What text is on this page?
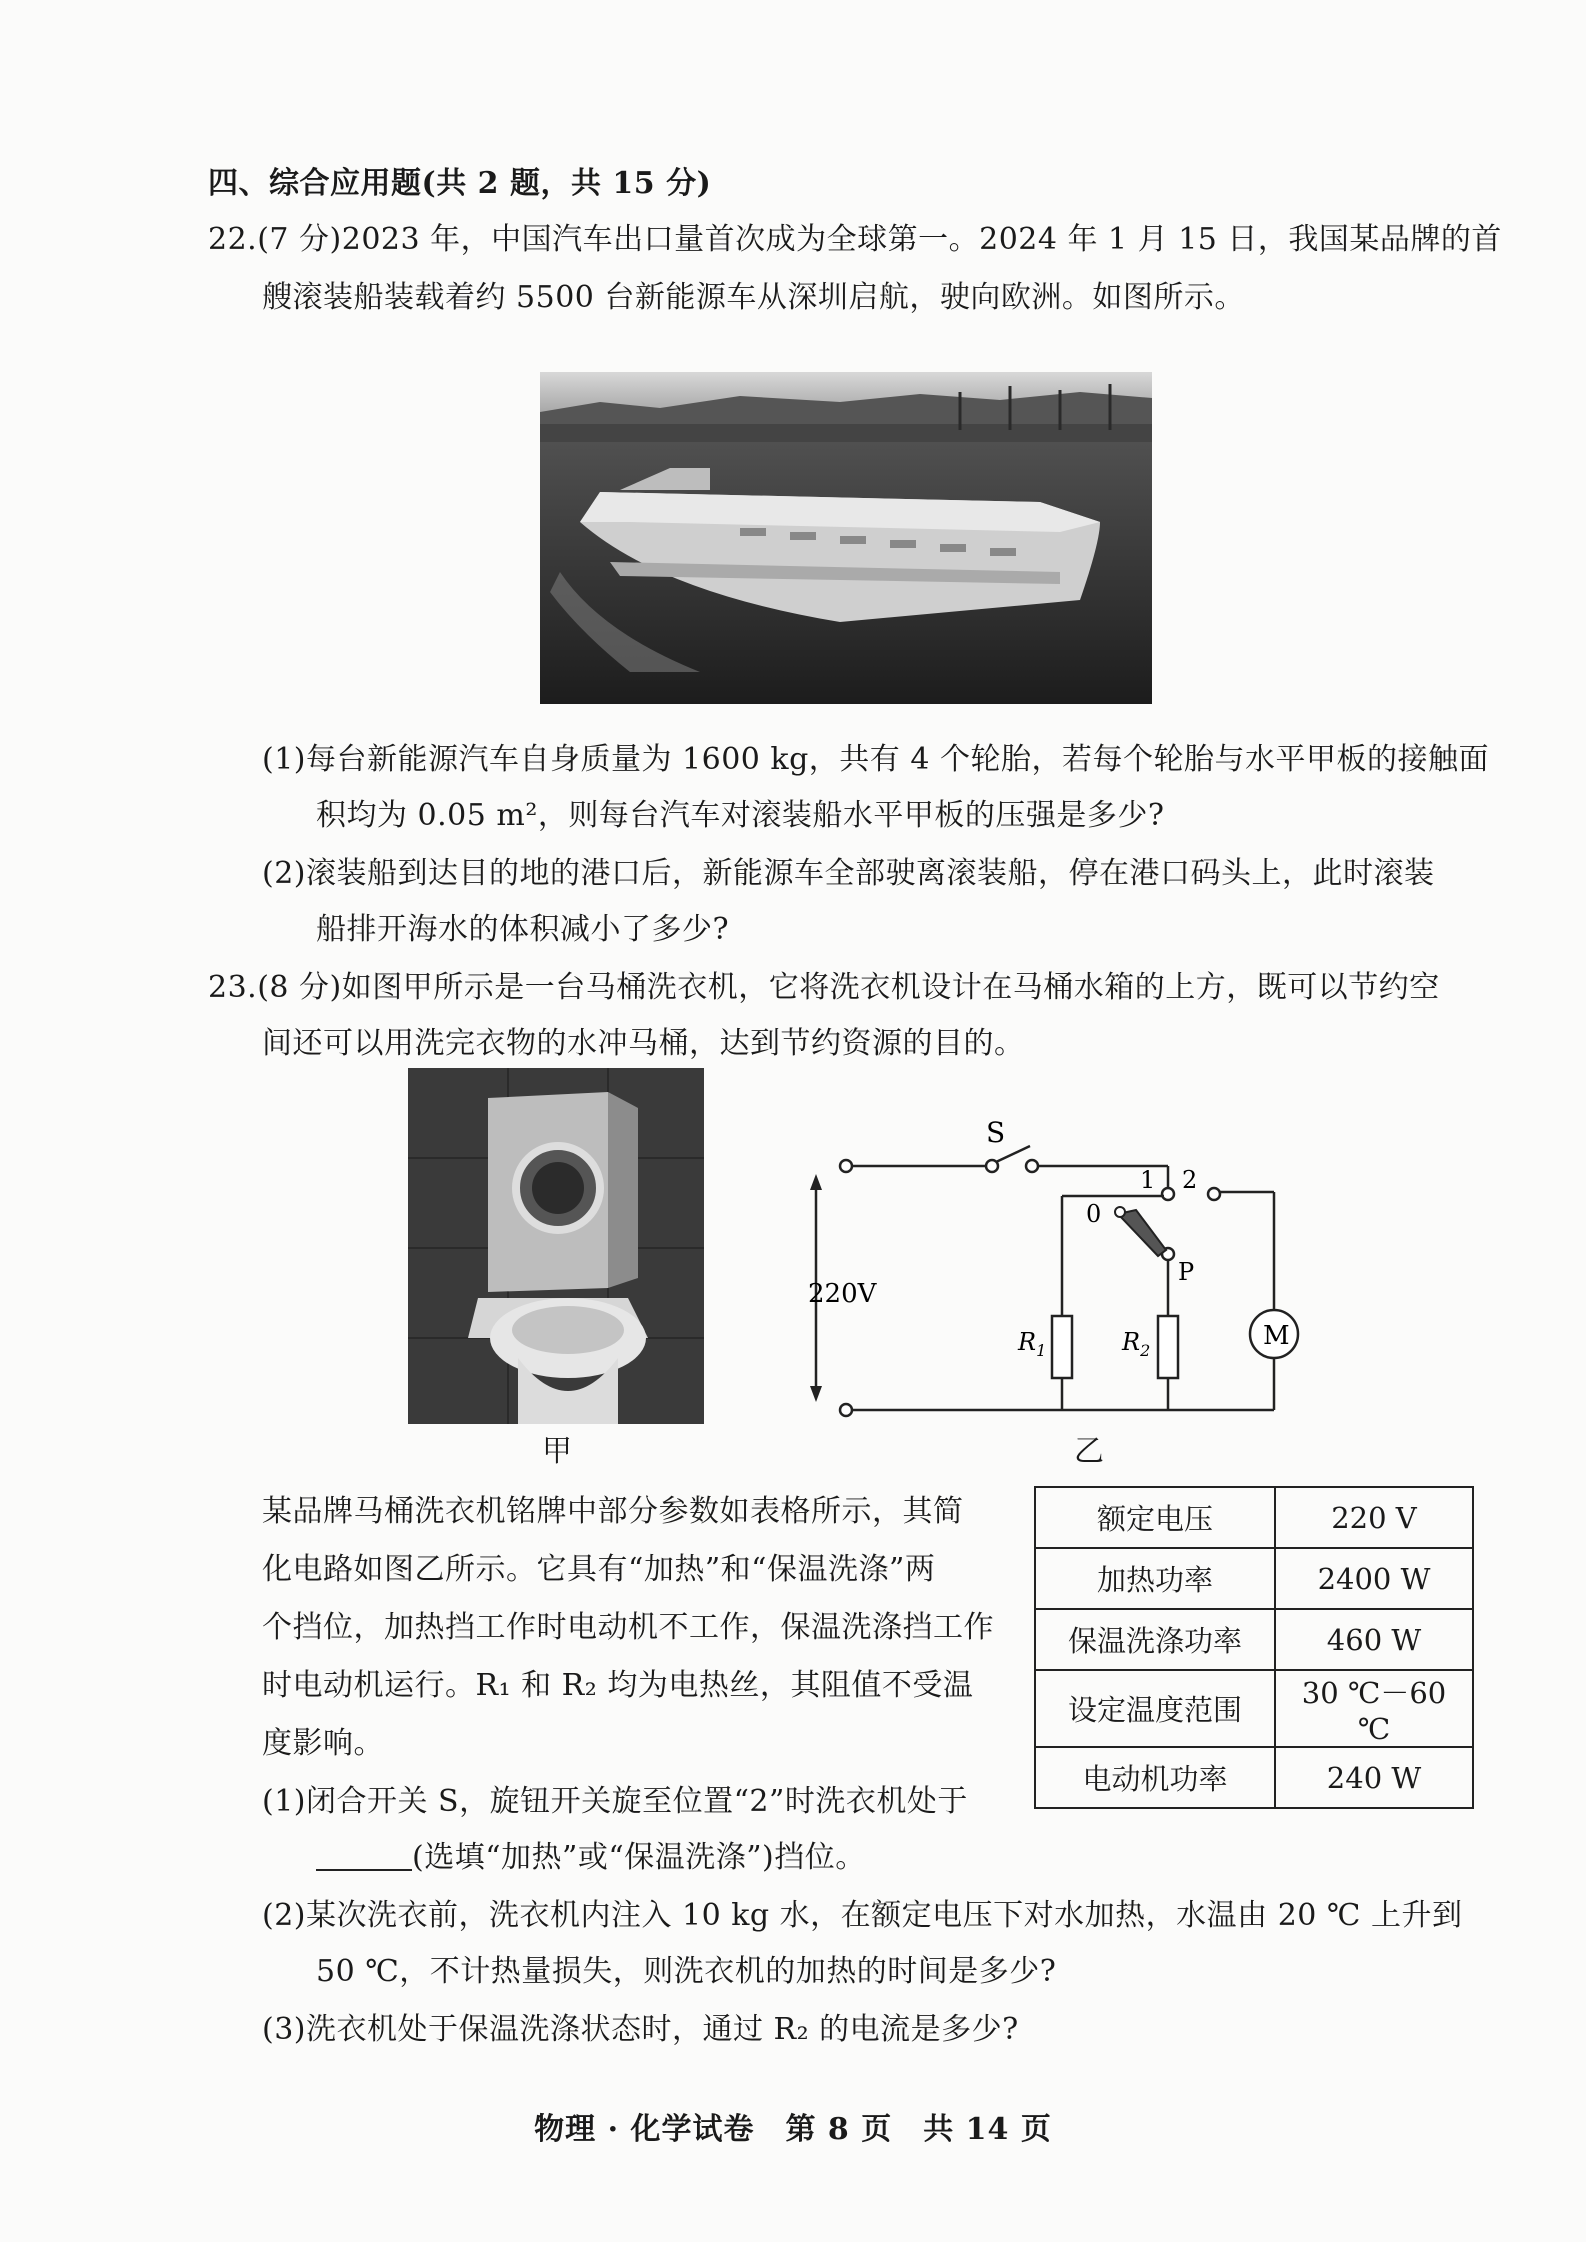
四、综合应用题(共 2 题，共 15 分)
22.(7 分)2023 年，中国汽车出口量首次成为全球第一。2024 年 1 月 15 日，我国某品牌的首
艘滚装船装载着约 5500 台新能源车从深圳启航，驶向欧洲。如图所示。
(1)每台新能源汽车自身质量为 1600 kg，共有 4 个轮胎，若每个轮胎与水平甲板的接触面
积均为 0.05 m²，则每台汽车对滚装船水平甲板的压强是多少?
(2)滚装船到达目的地的港口后，新能源车全部驶离滚装船，停在港口码头上，此时滚装
船排开海水的体积减小了多少?
23.(8 分)如图甲所示是一台马桶洗衣机，它将洗衣机设计在马桶水箱的上方，既可以节约空
间还可以用洗完衣物的水冲马桶，达到节约资源的目的。
甲
S
220V
0
1 2
P
$R_1$	$R_2$	M
乙
某品牌马桶洗衣机铭牌中部分参数如表格所示，其简
化电路如图乙所示。它具有“加热”和“保温洗涤”两
个挡位，加热挡工作时电动机不工作，保温洗涤挡工作
时电动机运行。R₁ 和 R₂ 均为电热丝，其阻值不受温
度影响。
额定电压	220 V
加热功率	2400 W
保温洗涤功率	460 W
设定温度范围	30 ℃－60 ℃
电动机功率	240 W
(1)闭合开关 S，旋钮开关旋至位置“2”时洗衣机处于
(选填“加热”或“保温洗涤”)挡位。
(2)某次洗衣前，洗衣机内注入 10 kg 水，在额定电压下对水加热，水温由 20 ℃ 上升到
50 ℃，不计热量损失，则洗衣机的加热的时间是多少?
(3)洗衣机处于保温洗涤状态时，通过 R₂ 的电流是多少?
物理 · 化学试卷　第 8 页　共 14 页
